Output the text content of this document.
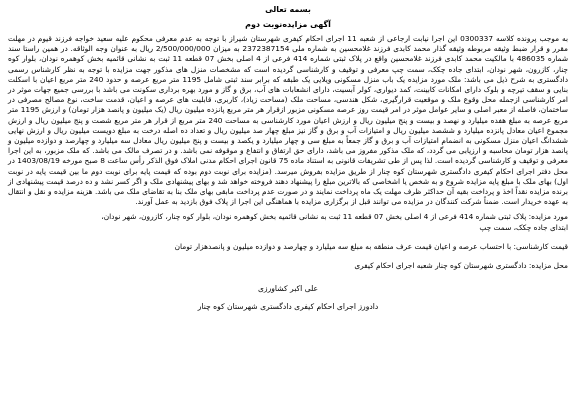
بسمه تعالی

آگهی مزایده‌نوبت دوم

به موجب پرونده کلاسه 0300337 این اجرا نیابت ارجاعی از شعبه 11 اجرای احکام کیفری شهرستان شیراز با توجه به عدم معرفی محکوم علیه سعید خواجه فرزند قیوم در مهلت مقرر و قرار ضبط وثیقه مربوطه وثیقه گذار محمد کابدی فرزند غلامحسین به شماره ملی 2372387154 به میزان 2/500/000/000 ریال به عنوان وجه الوثاقه. در همین راستا سند شماره 486035 با مالکیت محمد کابدی فرزند غلامحسین واقع در پلاک ثبتی شماره 414 فرعی از 4 اصلی بخش 07 قطعه 11 ثبت به نشانی قائمیه بخش کوهمره نودان، بلوار کوه چنار، کازرون، شهر نودان، ابتدای جاده چکک، سمت چپ معرفی و توقیف و کارشناسی گردیده است که مشخصات منزل های مذکور جهت مزایده با توجه به نظر کارشناس رسمی دادگستری به شرح ذیل می باشد: ملک مورد مزایده یک باب منزل مسکونی ویلایی یک طبقه که برابر سند ثبتی شامل 1195 متر مربع عرصه و حدود 240 متر مربع اعیان با اسکلت بنایی و سقف تیرچه و بلوک دارای امکانات کابینت، کمد دیواری، کولر آبسیت، دارای انشعابات های آب، برق و گاز و مورد بهره برداری سکونت می باشد با بررسی جمیع جهات موثر در امر کارشناسی ازجمله محل وقوع ملک و موقعیت قرارگیری، شکل هندسی، مساحت ملک (مساحت زیاد)، کاربری، قابلیت های عرصه و اعیان، قدمت ساخت، نوع مصالح مصرفی در ساختمان، فاصله از معبر اصلی و سایر عوامل موثر در امر قیمت روز عرصه مسکونی مزبور ازقرار هر متر مربع پانزده میلیون ریال (یک میلیون و پانصد هزار تومان) و ارزش 1195 متر مربع عرصه به مبلغ هفده میلیارد و نهصد و بیست و پنج میلیون ریال و ارزش اعیان مورد کارشناسی به مساحت 240 متر مربع از قرار هر متر مربع شصت و پنج میلیون ریال و ارزش مجموع اعیان معادل پانزده میلیارد و ششصد میلیون ریال و امتیازات آب و برق و گاز نیز مبلغ چهار صد میلیون ریال و تعداد ده اصله درخت به مبلغ دویست میلیون ریال و ارزش نهایی ششدانگ اعیان منزل مسکونی به انضمام امتیازات آب و برق و گاز جمعاً به مبلغ سی و چهار میلیارد و یکصد و بیست و پنج میلیون ریال معادل سه میلیارد و چهارصد و دوازده میلیون و پانصد هزار تومان محاسبه و ارزیابی می گردد، که ملک مذکور مفروز می باشد، دارای حق ارتفاق و انتفاع و موقوفه نمی باشد. و در تصرف مالک می باشد. که ملک مزبور، به این اجرا معرفی و توقیف و کارشناسی گردیده است. لذا پس از طی تشریفات قانونی به استناد ماده 75 قانون اجرای احکام مدنی املاک فوق الذکر رأس ساعت 8 صبح مورخه 1403/08/19 در محل دفتر اجرای احکام کیفری دادگستری شهرستان کوه چنار از طریق مزایده بفروش میرسد. (مزایده برای نوبت دوم بوده که قیمت پایه برای نوبت دوم ما بین قیمت پایه در نوبت اول) بهای ملک با مبلغ پایه مزایده شروع و به شخص یا اشخاصی که بالاترین مبلغ را پیشنهاد دهند فروخته خواهد شد و بهای پیشنهادی ملک و اگر کسر نشد و ده درصد قیمت پیشنهادی از برنده مزایده نقداً اخذ و پرداخت بقیه آن حداکثر ظرف مهلت یک ماه پرداخت نمایند و در صورت عدم پرداخت مابقی بهای ملک بنا به تقاضای ملک می باشد. هزینه مزایده و نقل و انتقال به عهده خریدار است. ضمناً شرکت کنندگان در مزایده می توانند قبل از برگزاری مزایده با هماهنگی این اجرا از پلاک فوق بازدید به عمل آورند.

مورد مزایده: پلاک ثبتی شماره 414 فرعی از 4 اصلی بخش 07 قطعه 11 ثبت به نشانی قائمیه بخش کوهمره نودان، بلوار کوه چنار، کازرون، شهر نودان،

ابتدای جاده چکک، سمت چپ

قیمت کارشناسی: با احتساب عرصه و اعیان قیمت عرف منطقه به مبلغ سه میلیارد و چهارصد و دوازده میلیون و پانصدهزار تومان

محل مزایده: دادگستری شهرستان کوه چنار شعبه اجرای احکام کیفری

علی اکبر کشاورزی

دادورز اجرای احکام کیفری دادگستری شهرستان کوه چنار
